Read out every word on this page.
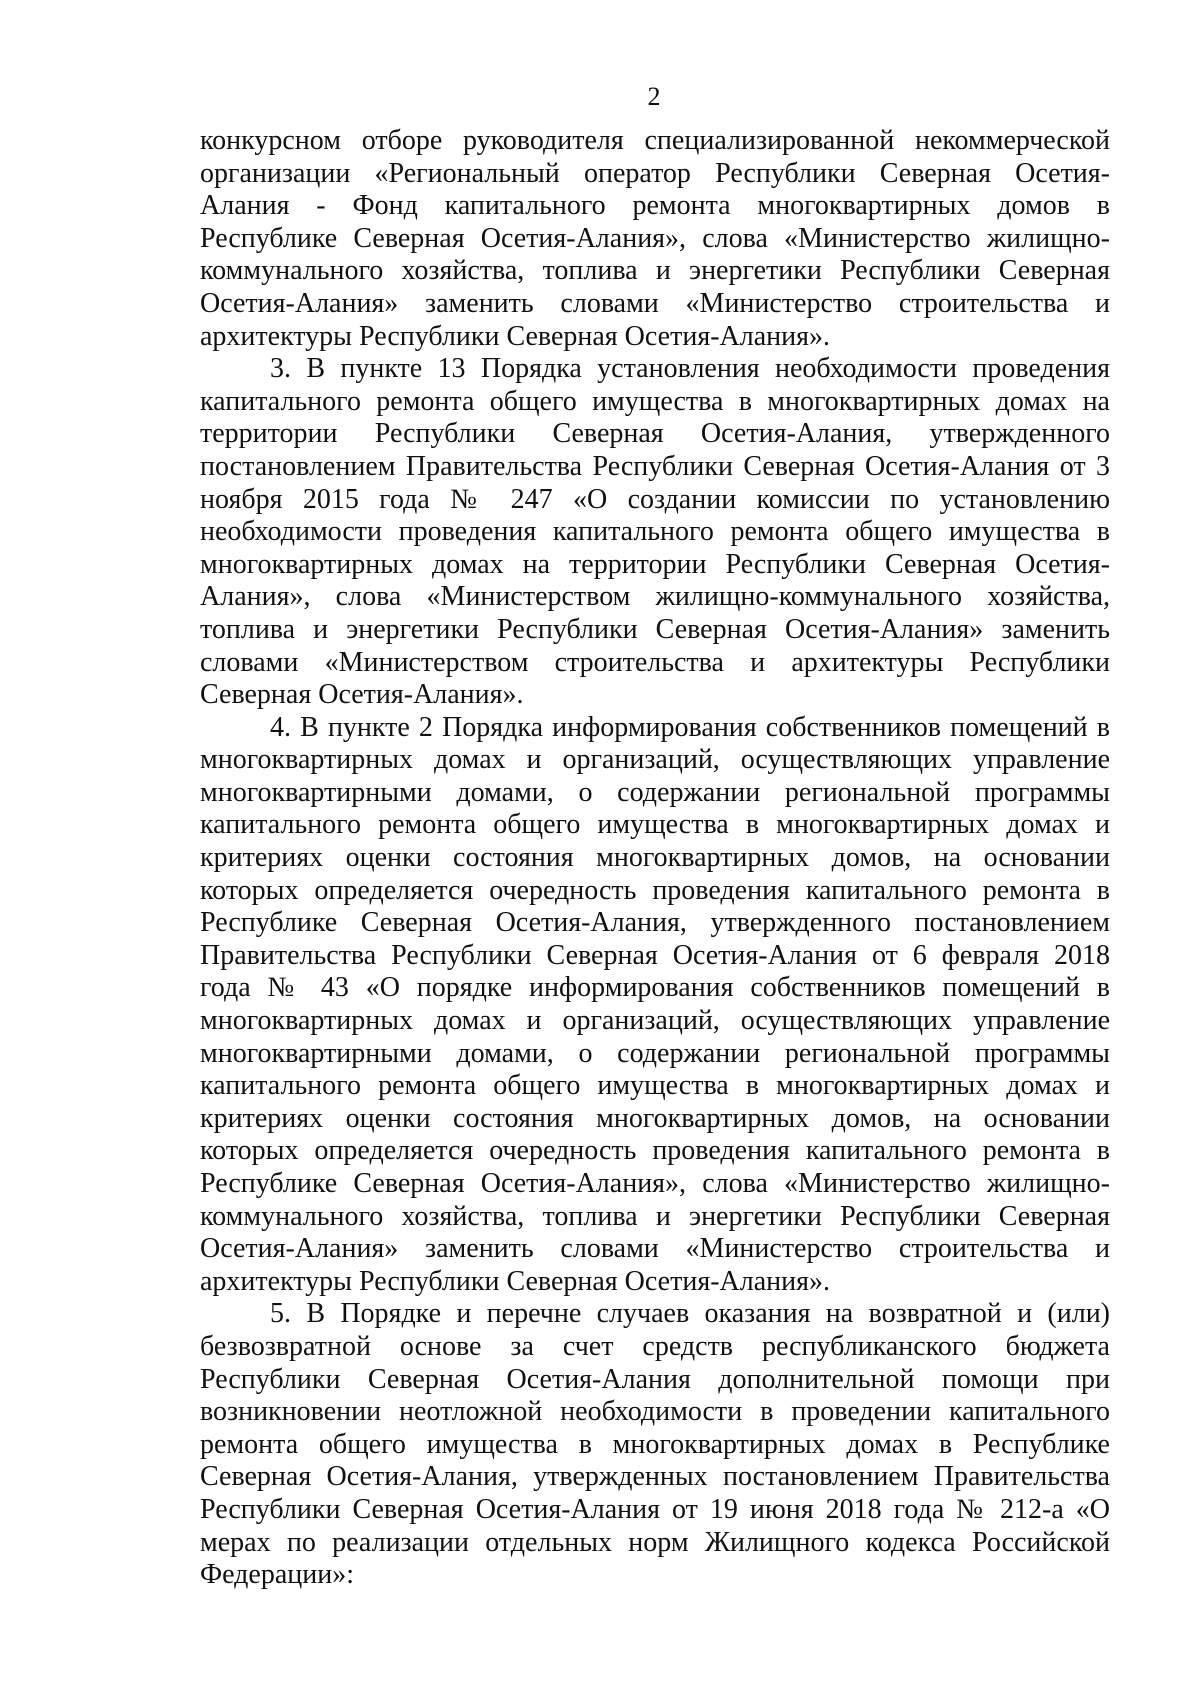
2

конкурсном отборе руководителя специализированной некоммерческой организации «Региональный оператор Республики Северная Осетия-Алания - Фонд капитального ремонта многоквартирных домов в Республике Северная Осетия-Алания», слова «Министерство жилищно-коммунального хозяйства, топлива и энергетики Республики Северная Осетия-Алания» заменить словами «Министерство строительства и архитектуры Республики Северная Осетия-Алания».

3. В пункте 13 Порядка установления необходимости проведения капитального ремонта общего имущества в многоквартирных домах на территории Республики Северная Осетия-Алания, утвержденного постановлением Правительства Республики Северная Осетия-Алания от 3 ноября 2015 года № 247 «О создании комиссии по установлению необходимости проведения капитального ремонта общего имущества в многоквартирных домах на территории Республики Северная Осетия-Алания», слова «Министерством жилищно-коммунального хозяйства, топлива и энергетики Республики Северная Осетия-Алания» заменить словами «Министерством строительства и архитектуры Республики Северная Осетия-Алания».

4. В пункте 2 Порядка информирования собственников помещений в многоквартирных домах и организаций, осуществляющих управление многоквартирными домами, о содержании региональной программы капитального ремонта общего имущества в многоквартирных домах и критериях оценки состояния многоквартирных домов, на основании которых определяется очередность проведения капитального ремонта в Республике Северная Осетия-Алания, утвержденного постановлением Правительства Республики Северная Осетия-Алания от 6 февраля 2018 года № 43 «О порядке информирования собственников помещений в многоквартирных домах и организаций, осуществляющих управление многоквартирными домами, о содержании региональной программы капитального ремонта общего имущества в многоквартирных домах и критериях оценки состояния многоквартирных домов, на основании которых определяется очередность проведения капитального ремонта в Республике Северная Осетия-Алания», слова «Министерство жилищно-коммунального хозяйства, топлива и энергетики Республики Северная Осетия-Алания» заменить словами «Министерство строительства и архитектуры Республики Северная Осетия-Алания».

5. В Порядке и перечне случаев оказания на возвратной и (или) безвозвратной основе за счет средств республиканского бюджета Республики Северная Осетия-Алания дополнительной помощи при возникновении неотложной необходимости в проведении капитального ремонта общего имущества в многоквартирных домах в Республике Северная Осетия-Алания, утвержденных постановлением Правительства Республики Северная Осетия-Алания от 19 июня 2018 года № 212-а «О мерах по реализации отдельных норм Жилищного кодекса Российской Федерации»:
